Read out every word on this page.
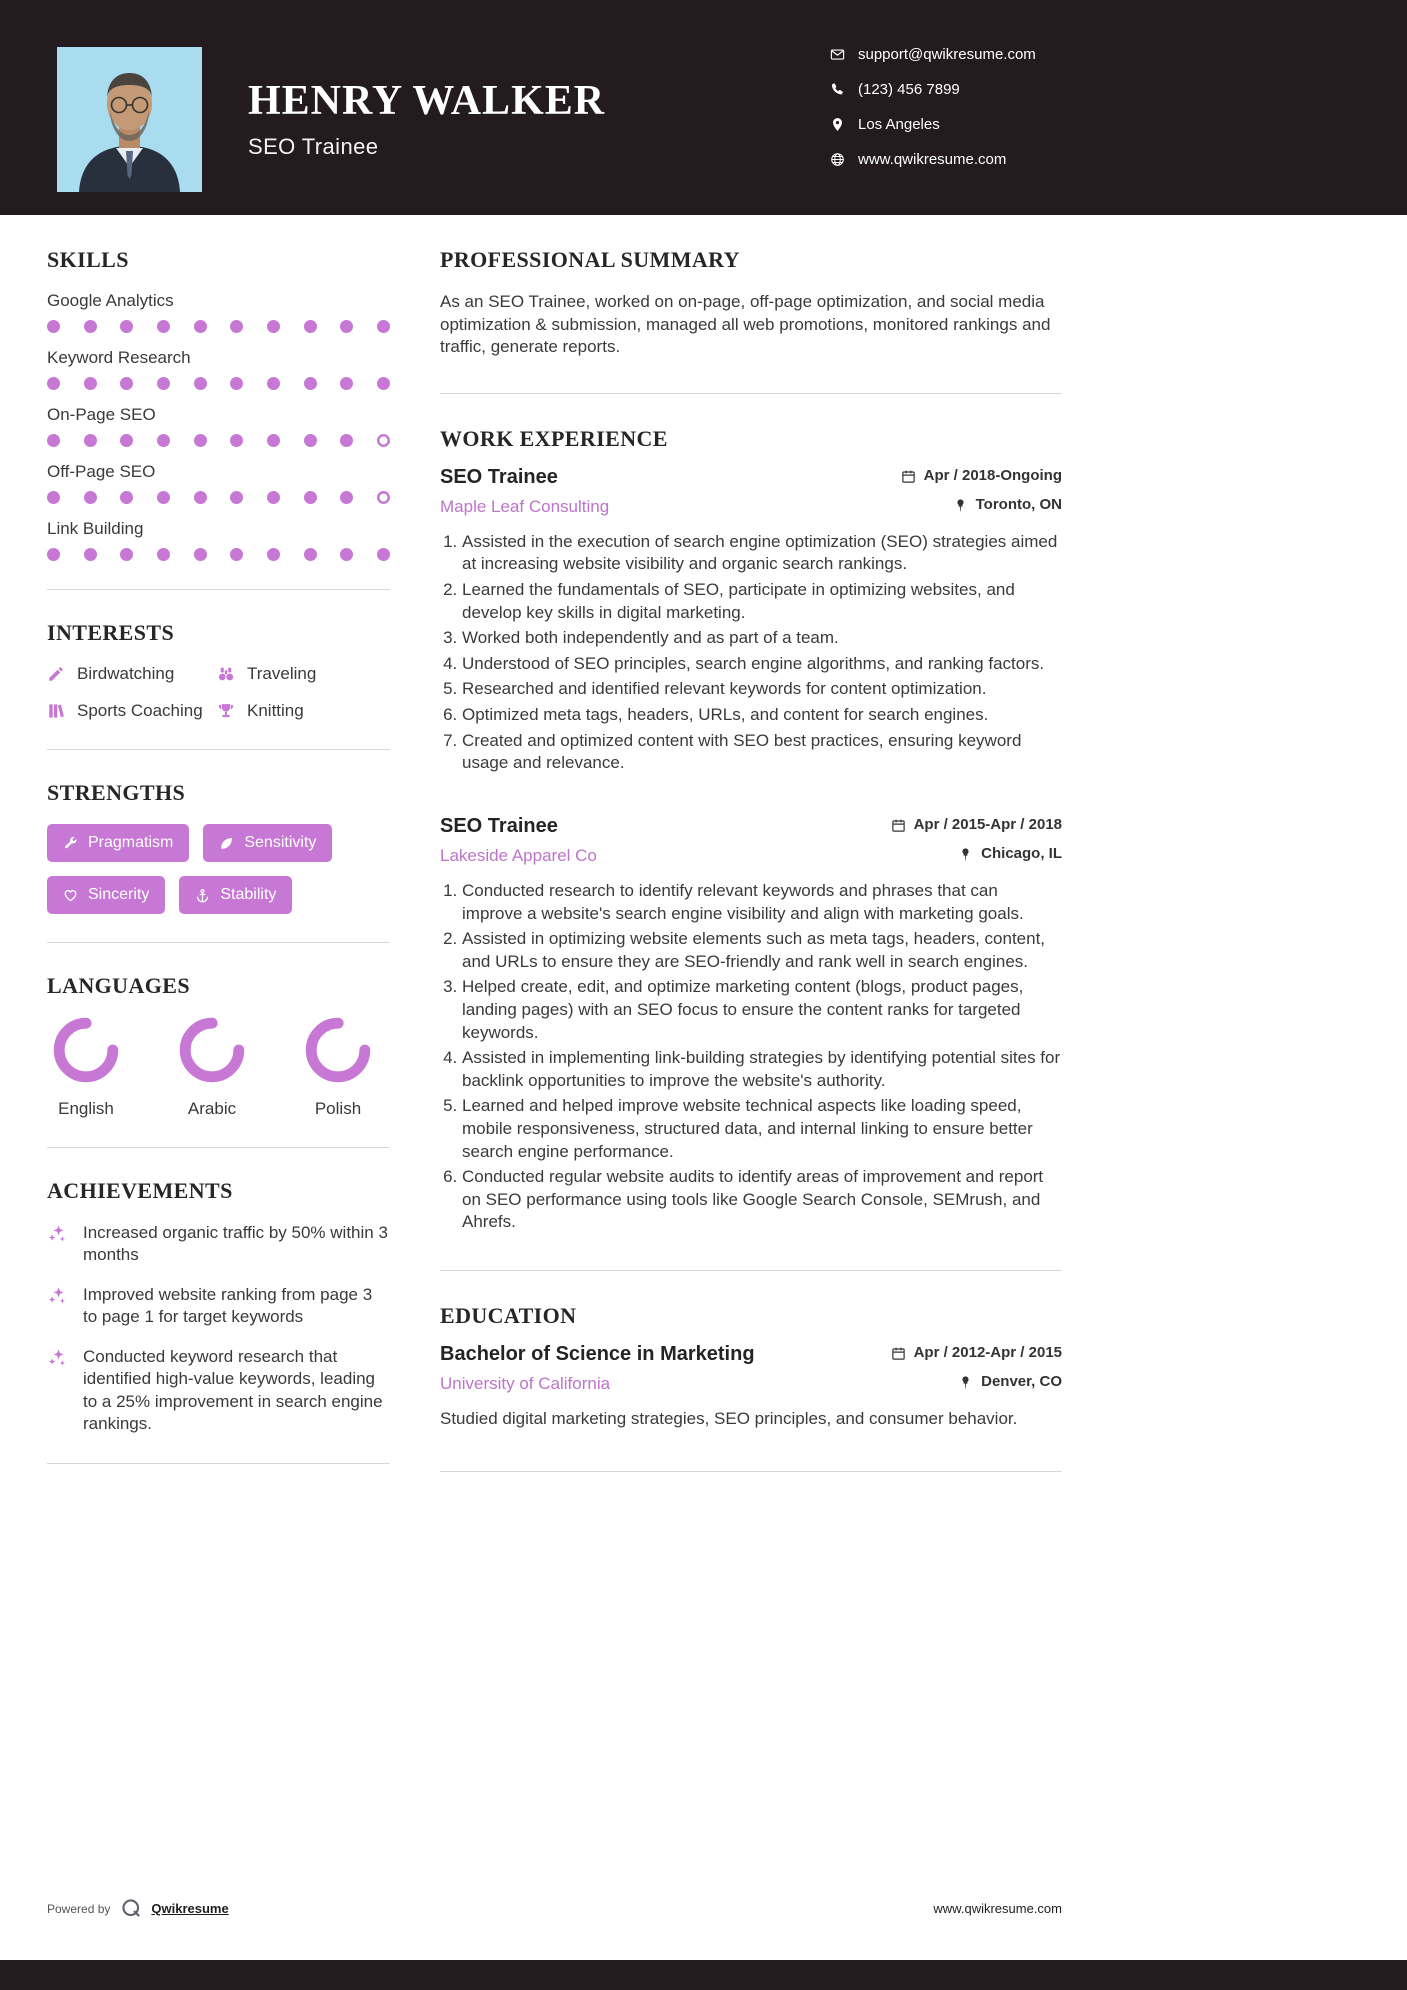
HENRY WALKER
SEO Trainee
support@qwikresume.com
(123) 456 7899
Los Angeles
www.qwikresume.com
SKILLS
Google Analytics
Keyword Research
On-Page SEO
Off-Page SEO
Link Building
INTERESTS
Birdwatching	Traveling
Sports Coaching	Knitting
STRENGTHS
Pragmatism	Sensitivity
Sincerity	Stability
LANGUAGES
English	Arabic	Polish
ACHIEVEMENTS
Increased organic traffic by 50% within 3 months
Improved website ranking from page 3 to page 1 for target keywords
Conducted keyword research that identified high-value keywords, leading to a 25% improvement in search engine rankings.
PROFESSIONAL SUMMARY

As an SEO Trainee, worked on on-page, off-page optimization, and social media optimization & submission, managed all web promotions, monitored rankings and traffic, generate reports.

WORK EXPERIENCE
SEO Trainee	Apr / 2018-Ongoing
Maple Leaf Consulting	Toronto, ON
1. Assisted in the execution of search engine optimization (SEO) strategies aimed at increasing website visibility and organic search rankings.
2. Learned the fundamentals of SEO, participate in optimizing websites, and develop key skills in digital marketing.
3. Worked both independently and as part of a team.
4. Understood of SEO principles, search engine algorithms, and ranking factors.
5. Researched and identified relevant keywords for content optimization.
6. Optimized meta tags, headers, URLs, and content for search engines.
7. Created and optimized content with SEO best practices, ensuring keyword usage and relevance.
SEO Trainee	Apr / 2015-Apr / 2018
Lakeside Apparel Co	Chicago, IL
1. Conducted research to identify relevant keywords and phrases that can improve a website's search engine visibility and align with marketing goals.
2. Assisted in optimizing website elements such as meta tags, headers, content, and URLs to ensure they are SEO-friendly and rank well in search engines.
3. Helped create, edit, and optimize marketing content (blogs, product pages, landing pages) with an SEO focus to ensure the content ranks for targeted keywords.
4. Assisted in implementing link-building strategies by identifying potential sites for backlink opportunities to improve the website's authority.
5. Learned and helped improve website technical aspects like loading speed, mobile responsiveness, structured data, and internal linking to ensure better search engine performance.
6. Conducted regular website audits to identify areas of improvement and report on SEO performance using tools like Google Search Console, SEMrush, and Ahrefs.
EDUCATION
Bachelor of Science in Marketing	Apr / 2012-Apr / 2015
University of California	Denver, CO

Studied digital marketing strategies, SEO principles, and consumer behavior.

Powered by	Qwikresume	www.qwikresume.com
